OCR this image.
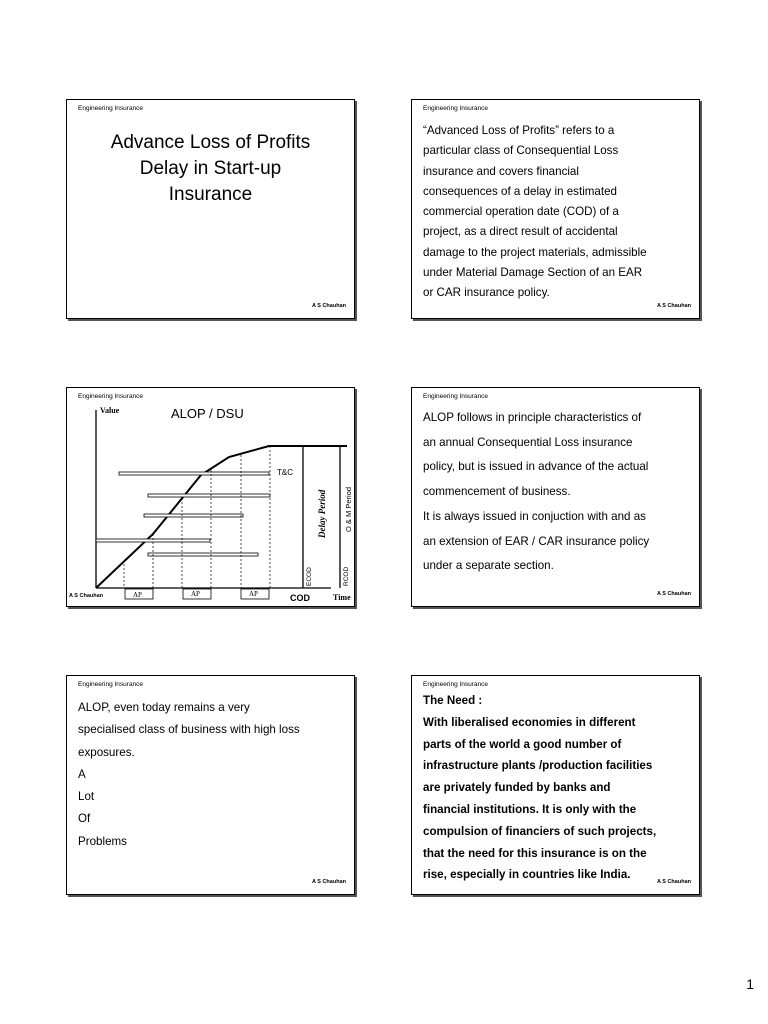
Engineering Insurance
Advance Loss of Profits
Delay in Start-up
Insurance
A S Chauhan
Engineering Insurance
“Advanced Loss of Profits” refers to a
particular class of Consequential Loss
insurance and covers financial
consequences of a delay in estimated
commercial operation date (COD) of a
project, as a direct result of accidental
damage to the project materials, admissible
under Material Damage Section of an EAR
or CAR insurance policy.
A S Chauhan
Engineering Insurance
Value	ALOP / DSU
T&C
Delay Period O & M Period
ECOD	RCOD
AP	AP	AP	COD	Time
A S Chauhan
Engineering Insurance
ALOP follows in principle characteristics of
an annual Consequential Loss insurance
policy, but is issued in advance of the actual
commencement of business.
It is always issued in conjuction with and as
an extension of EAR / CAR insurance policy
under a separate section.
A S Chauhan
Engineering Insurance
ALOP, even today remains a very
specialised class of business with high loss
exposures.
A
Lot
Of
Problems
A S Chauhan
Engineering Insurance
The Need :
With liberalised economies in different
parts of the world a good number of
infrastructure plants /production facilities
are privately funded by banks and
financial institutions. It is only with the
compulsion of financiers of such projects,
that the need for this insurance is on the
rise, especially in countries like India.
A S Chauhan
1
